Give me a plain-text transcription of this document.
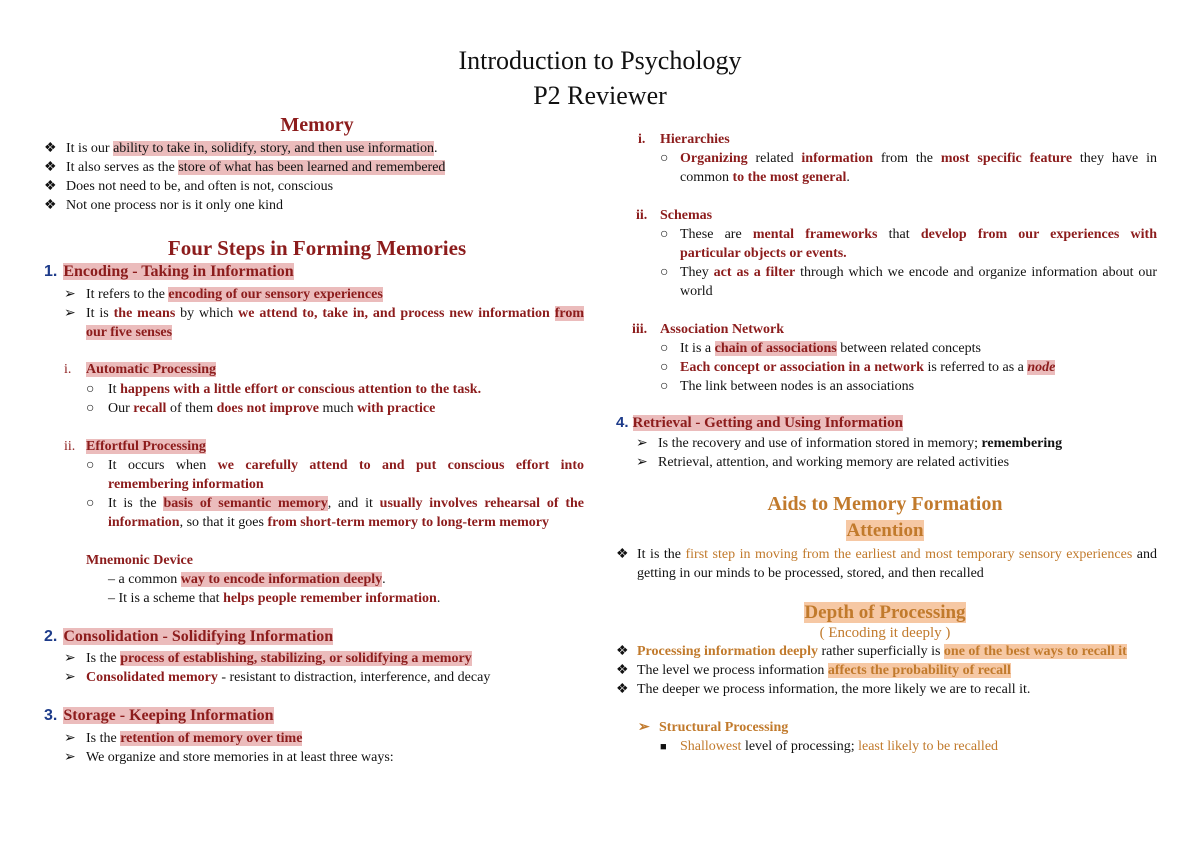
Introduction to Psychology
P2 Reviewer
Memory
❖ It is our ability to take in, solidify, story, and then use information.
❖ It also serves as the store of what has been learned and remembered
❖ Does not need to be, and often is not, conscious
❖ Not one process nor is it only one kind
Four Steps in Forming Memories
1. Encoding - Taking in Information
➢ It refers to the encoding of our sensory experiences
➢ It is the means by which we attend to, take in, and process new information from
our five senses
i. Automatic Processing
○ It happens with a little effort or conscious attention to the task.
○ Our recall of them does not improve much with practice
ii. Effortful Processing
○ It occurs when we carefully attend to and put conscious effort into
remembering information
○ It is the basis of semantic memory, and it usually involves rehearsal of the
information, so that it goes from short-term memory to long-term memory
Mnemonic Device
– a common way to encode information deeply.
– It is a scheme that helps people remember information.
2. Consolidation - Solidifying Information
➢ Is the process of establishing, stabilizing, or solidifying a memory
➢ Consolidated memory - resistant to distraction, interference, and decay
3. Storage - Keeping Information
➢ Is the retention of memory over time
➢ We organize and store memories in at least three ways:
i. Hierarchies
○ Organizing related information from the most specific feature they have in
common to the most general.
ii. Schemas
○ These are mental frameworks that develop from our experiences with
particular objects or events.
○ They act as a filter through which we encode and organize information about our
world
iii. Association Network
○ It is a chain of associations between related concepts
○ Each concept or association in a network is referred to as a node
○ The link between nodes is an associations
4. Retrieval - Getting and Using Information
➢ Is the recovery and use of information stored in memory; remembering
➢ Retrieval, attention, and working memory are related activities
Aids to Memory Formation
Attention
❖ It is the first step in moving from the earliest and most temporary sensory experiences and
getting in our minds to be processed, stored, and then recalled
Depth of Processing
( Encoding it deeply )
❖ Processing information deeply rather superficially is one of the best ways to recall it
❖ The level we process information affects the probability of recall
❖ The deeper we process information, the more likely we are to recall it.
➢ Structural Processing
■ Shallowest level of processing; least likely to be recalled
